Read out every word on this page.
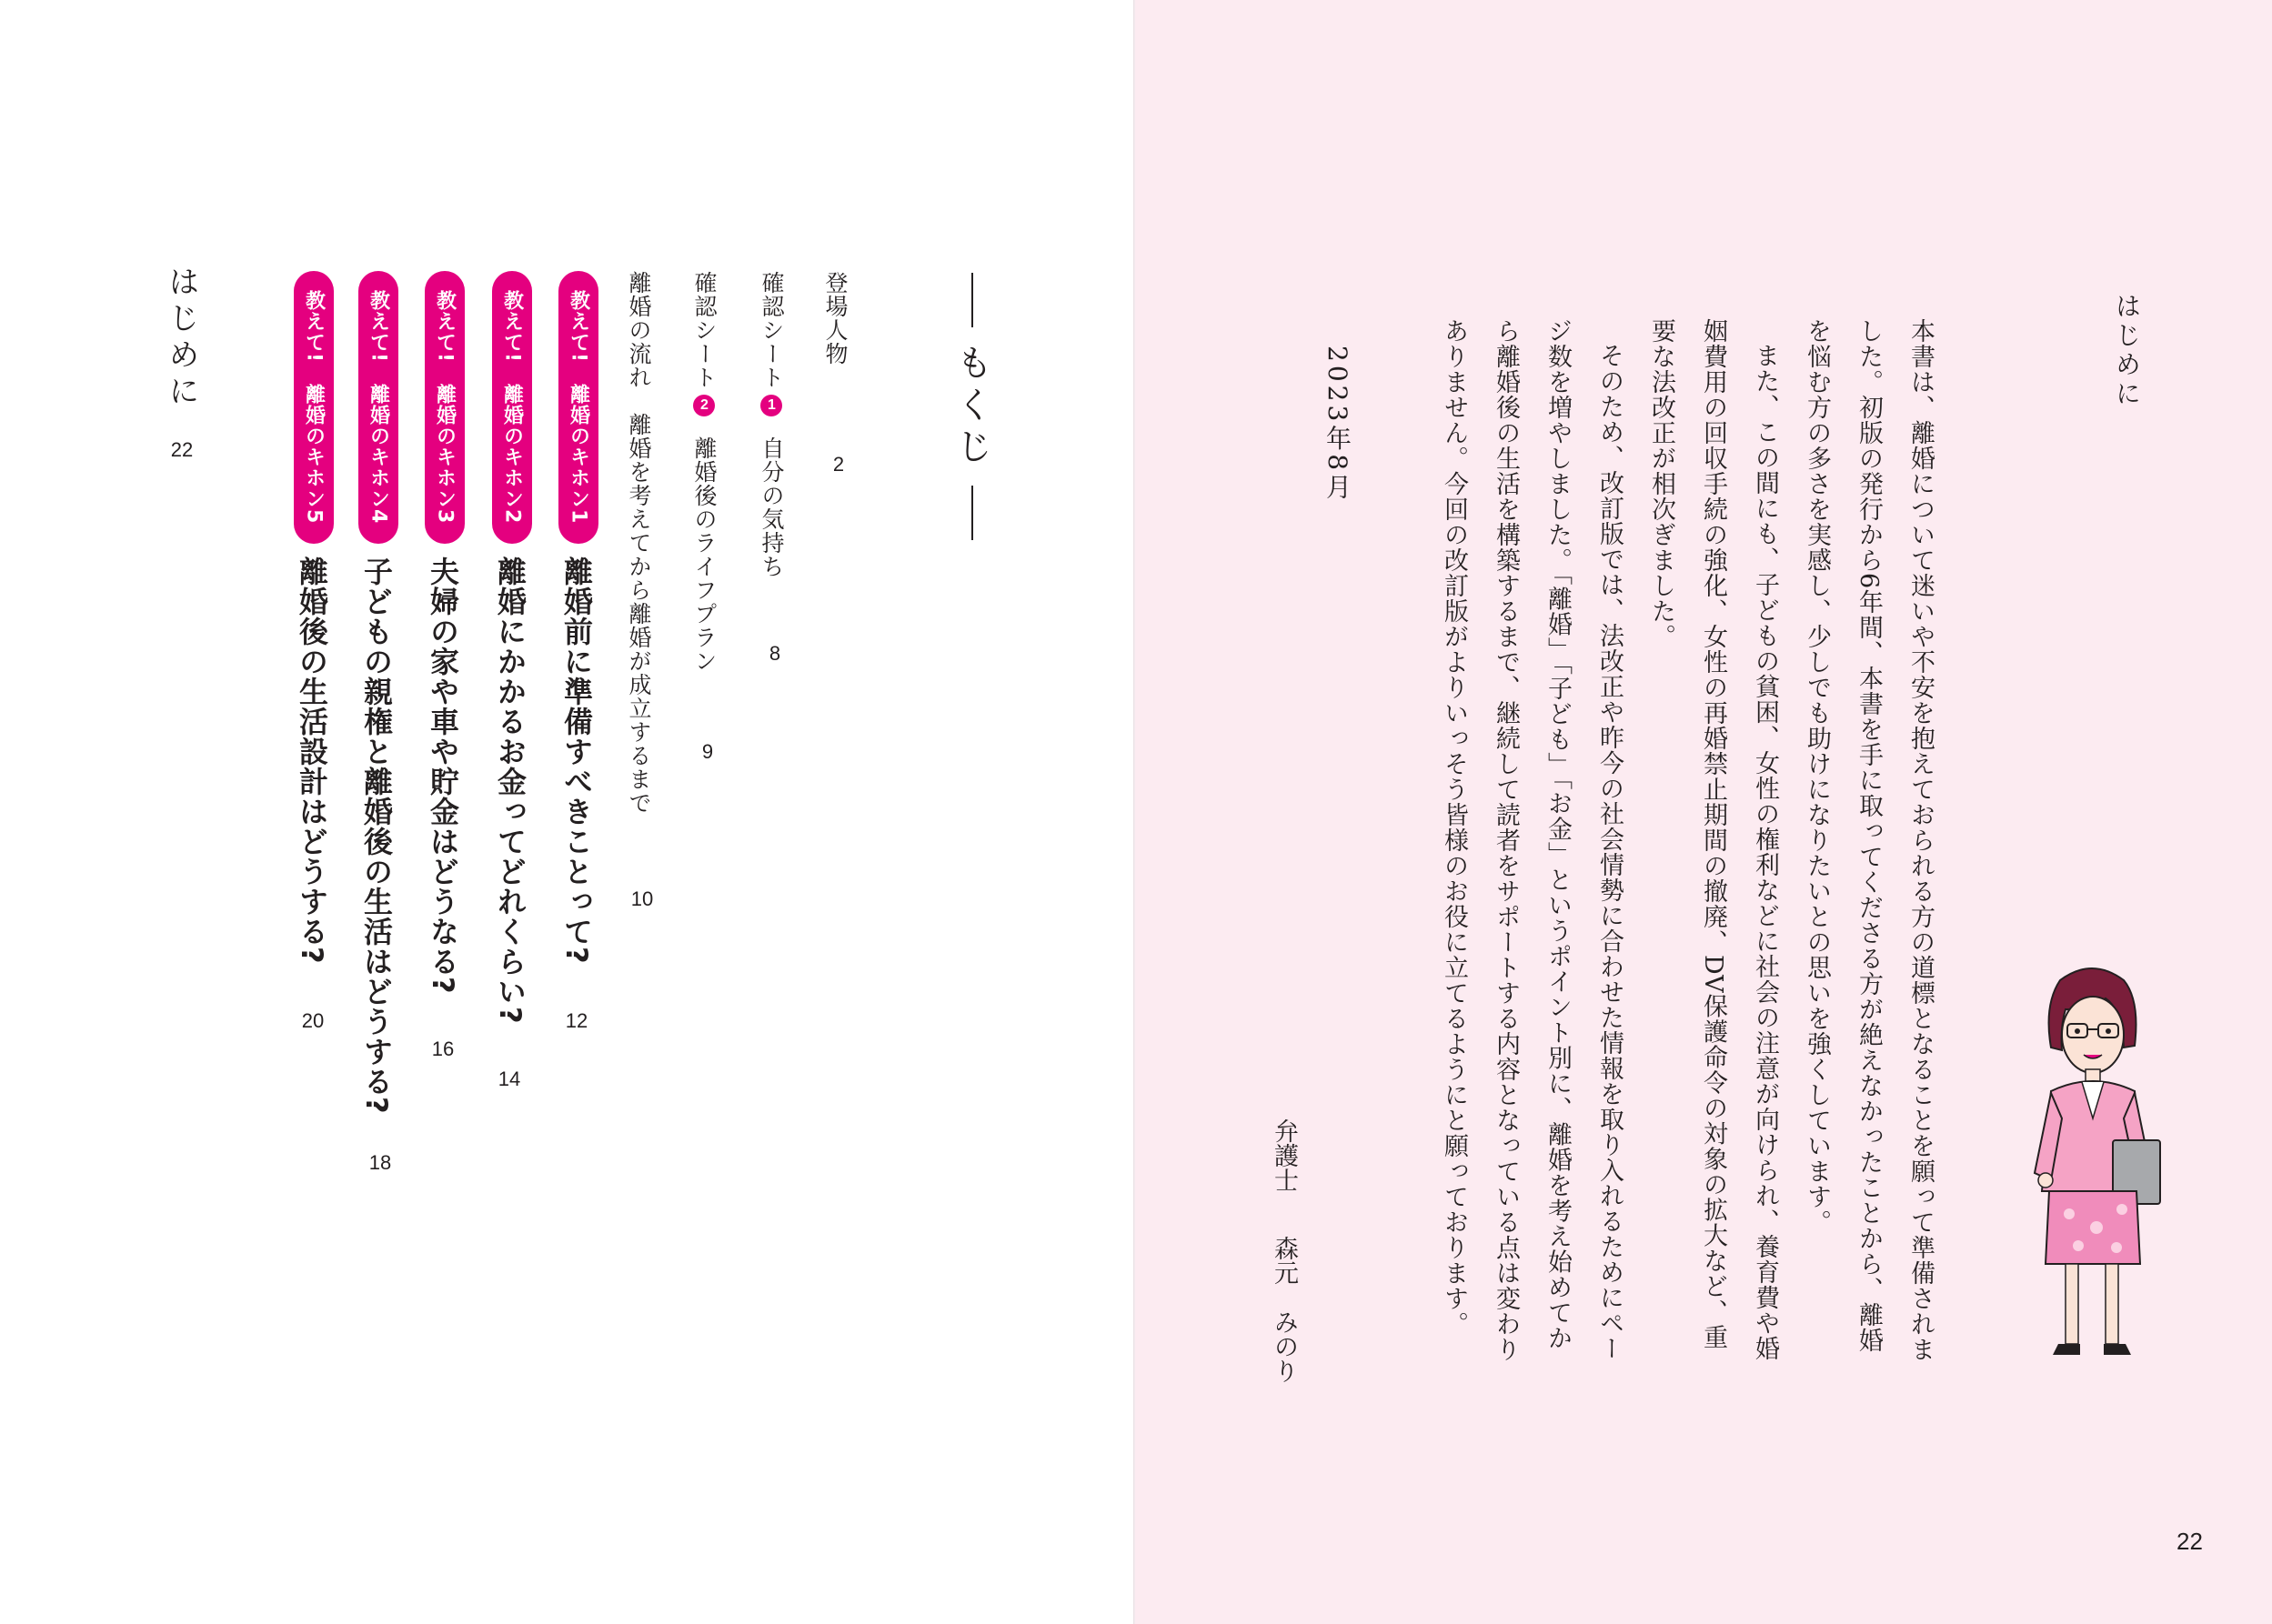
もくじ
登場人物
2
確認シート1自分の気持ち
8
確認シート2離婚後のライフプラン
9
離婚の流れ　離婚を考えてから離婚が成立するまで
10
教えて!　離婚のキホン1
離婚前に準備すべきことって?
12
教えて!　離婚のキホン2
離婚にかかるお金ってどれくらい?
14
教えて!　離婚のキホン3
夫婦の家や車や貯金はどうなる?
16
教えて!　離婚のキホン4
子どもの親権と離婚後の生活はどうする?
18
教えて!　離婚のキホン5
離婚後の生活設計はどうする?
20
はじめに
22
はじめに

本書は、離婚について迷いや不安を抱えておられる方の道標となることを願って準備されました。初版の発行から6年間、本書を手に取ってくださる方が絶えなかったことから、離婚を悩む方の多さを実感し、少しでも助けになりたいとの思いを強くしています。

また、この間にも、子どもの貧困、女性の権利などに社会の注意が向けられ、養育費や婚姻費用の回収手続の強化、女性の再婚禁止期間の撤廃、DV保護命令の対象の拡大など、重要な法改正が相次ぎました。

そのため、改訂版では、法改正や昨今の社会情勢に合わせた情報を取り入れるためにページ数を増やしました。「離婚」「子ども」「お金」というポイント別に、離婚を考え始めてから離婚後の生活を構築するまで、継続して読者をサポートする内容となっている点は変わりありません。今回の改訂版がよりいっそう皆様のお役に立てるようにと願っております。

2023年8月
弁護士森元　みのり
22
